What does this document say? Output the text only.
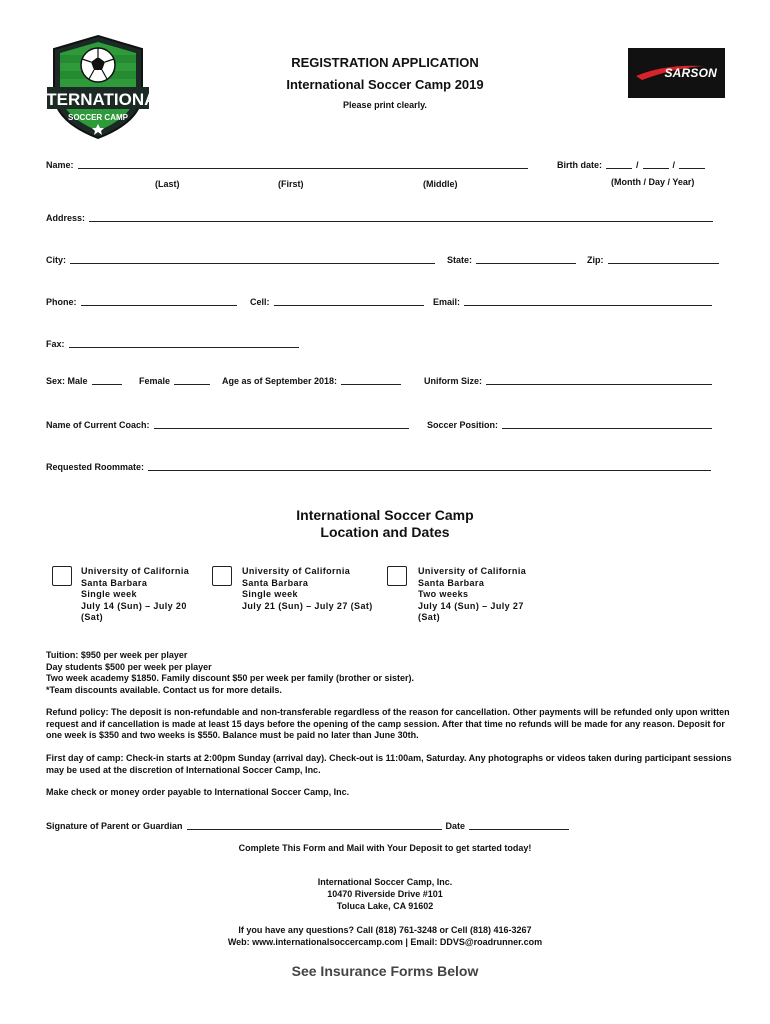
INTERNATIONAL
SOCCER CAMP
REGISTRATION APPLICATION
International Soccer Camp 2019
Please print clearly.
SARSON
Name:	Birth date:	/	/
(Last)	(First)	(Middle)	(Month / Day / Year)
Address:
City:	State:	Zip:
Phone:	Cell:	Email:
Fax:
Sex: Male	Female	Age as of September 2018:	Uniform Size:
Name of Current Coach:	Soccer Position:
Requested Roommate:
International Soccer Camp
Location and Dates
University of California
Santa Barbara
Single week
July 14 (Sun) – July 20
(Sat)
University of California
Santa Barbara
Single week
July 21 (Sun) – July 27 (Sat)
University of California
Santa Barbara
Two weeks
July 14 (Sun) – July 27
(Sat)
Tuition: $950 per week per player
Day students $500 per week per player
Two week academy $1850. Family discount $50 per week per family (brother or sister).
*Team discounts available. Contact us for more details.
Refund policy: The deposit is non-refundable and non-transferable regardless of the reason for cancellation. Other payments will be refunded only upon written request and if cancellation is made at least 15 days before the opening of the camp session. After that time no refunds will be made for any reason. Deposit for one week is $350 and two weeks is $550. Balance must be paid no later than June 30th.
First day of camp: Check-in starts at 2:00pm Sunday (arrival day). Check-out is 11:00am, Saturday. Any photographs or videos taken during participant sessions may be used at the discretion of International Soccer Camp, Inc.
Make check or money order payable to International Soccer Camp, Inc.
Signature of Parent or Guardian	Date
Complete This Form and Mail with Your Deposit to get started today!
International Soccer Camp, Inc.
10470 Riverside Drive #101
Toluca Lake, CA 91602
If you have any questions? Call (818) 761-3248 or Cell (818) 416-3267
Web: www.internationalsoccercamp.com | Email: DDVS@roadrunner.com
See Insurance Forms Below
